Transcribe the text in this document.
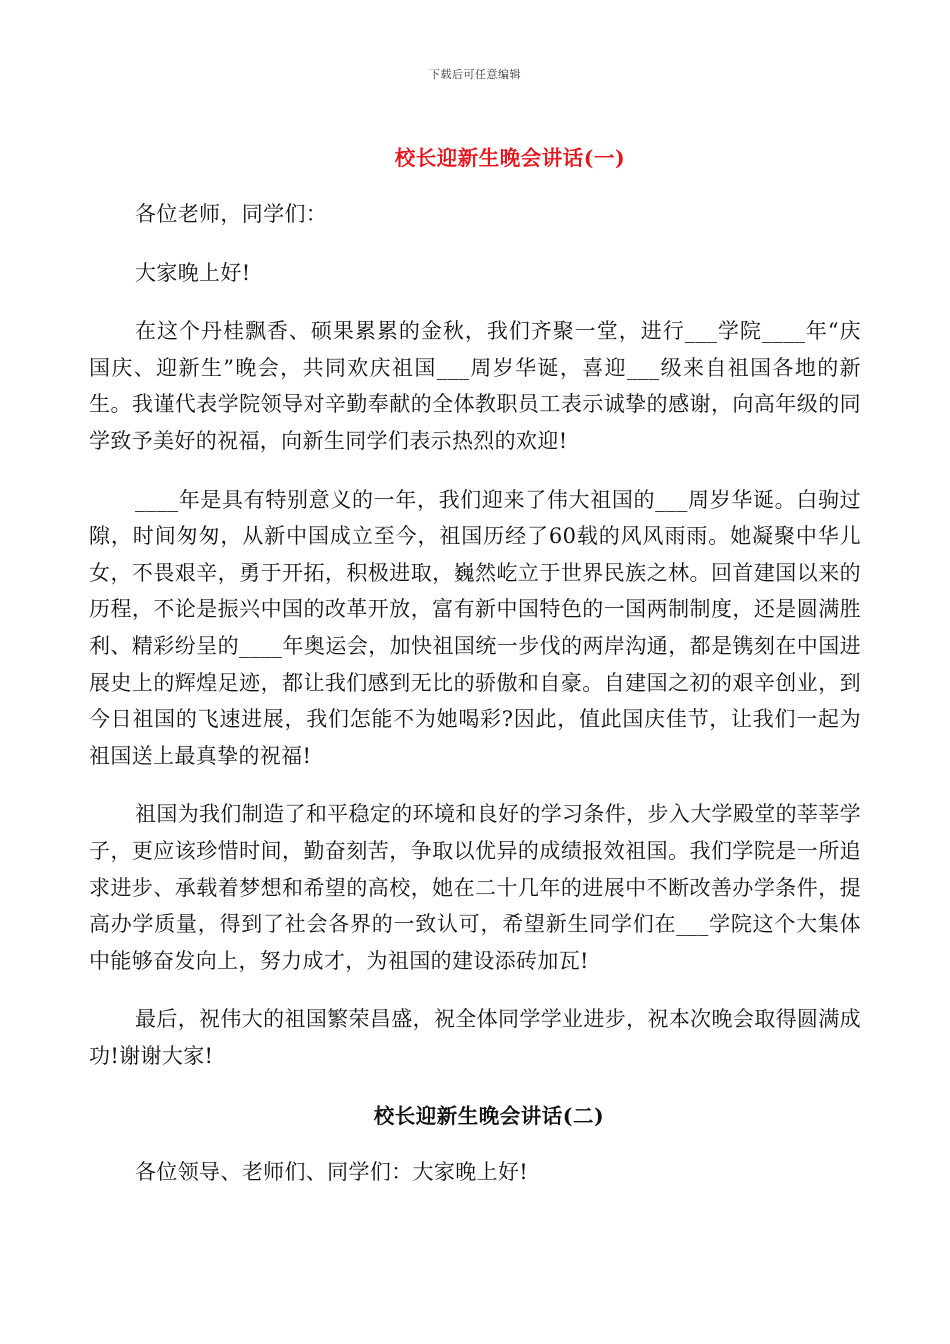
下载后可任意编辑
校长迎新生晚会讲话(一)

各位老师，同学们：

大家晚上好!

在这个丹桂飘香、硕果累累的金秋，我们齐聚一堂，进行___学院____年“庆国庆、迎新生”晚会，共同欢庆祖国___周岁华诞，喜迎___级来自祖国各地的新生。我谨代表学院领导对辛勤奉献的全体教职员工表示诚挚的感谢，向高年级的同学致予美好的祝福，向新生同学们表示热烈的欢迎!

____年是具有特别意义的一年，我们迎来了伟大祖国的___周岁华诞。白驹过隙，时间匆匆，从新中国成立至今，祖国历经了60载的风风雨雨。她凝聚中华儿女，不畏艰辛，勇于开拓，积极进取，巍然屹立于世界民族之林。回首建国以来的历程，不论是振兴中国的改革开放，富有新中国特色的一国两制制度，还是圆满胜利、精彩纷呈的____年奥运会，加快祖国统一步伐的两岸沟通，都是镌刻在中国进展史上的辉煌足迹，都让我们感到无比的骄傲和自豪。自建国之初的艰辛创业，到今日祖国的飞速进展，我们怎能不为她喝彩?因此，值此国庆佳节，让我们一起为祖国送上最真挚的祝福!

祖国为我们制造了和平稳定的环境和良好的学习条件，步入大学殿堂的莘莘学子，更应该珍惜时间，勤奋刻苦，争取以优异的成绩报效祖国。我们学院是一所追求进步、承载着梦想和希望的高校，她在二十几年的进展中不断改善办学条件，提高办学质量，得到了社会各界的一致认可，希望新生同学们在___学院这个大集体中能够奋发向上，努力成才，为祖国的建设添砖加瓦!

最后，祝伟大的祖国繁荣昌盛，祝全体同学学业进步，祝本次晚会取得圆满成功!谢谢大家!

校长迎新生晚会讲话(二)

各位领导、老师们、同学们：大家晚上好!
